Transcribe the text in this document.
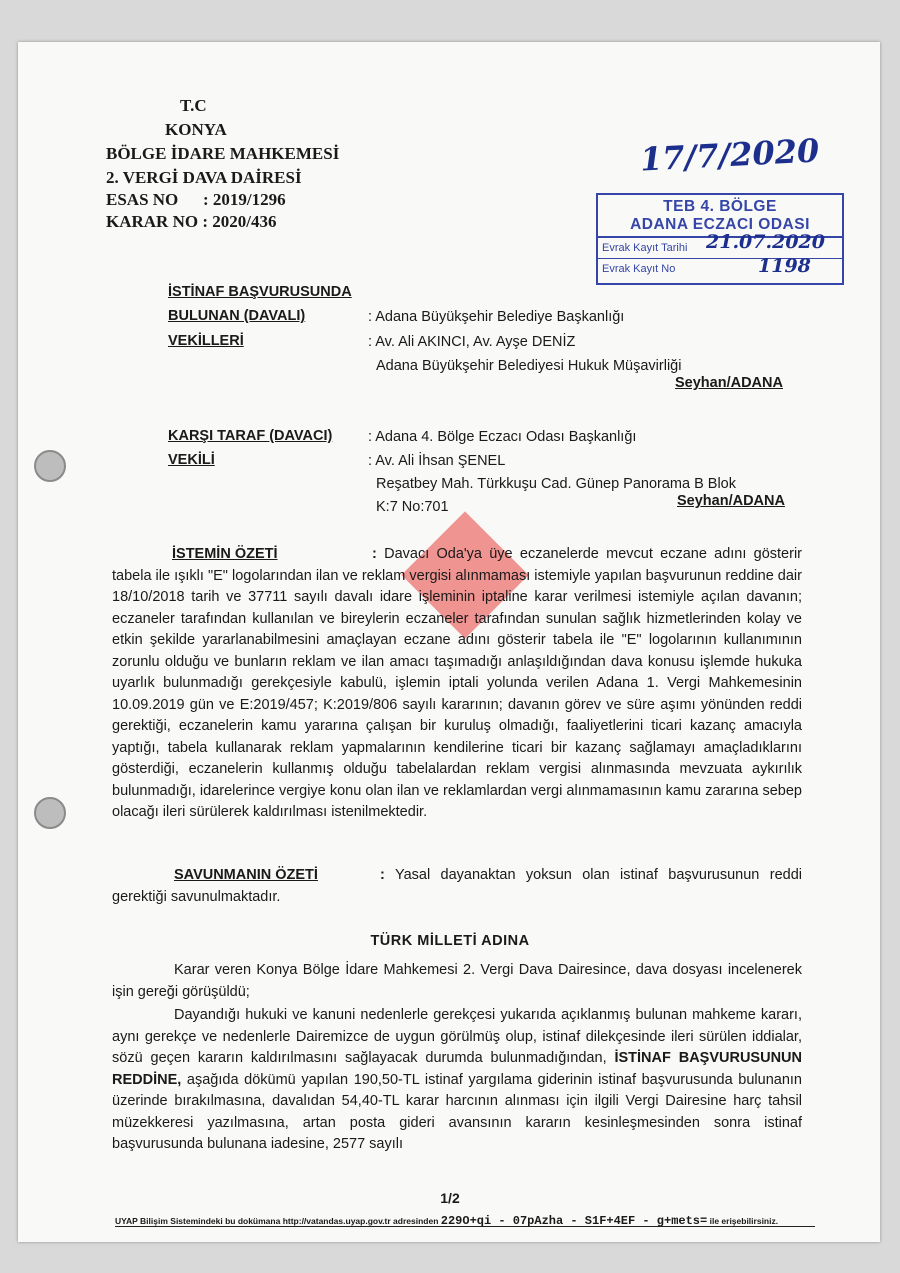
T.C
KONYA
BÖLGE İDARE MAHKEMESİ
2. VERGİ DAVA DAİRESİ
ESAS NO : 2019/1296
KARAR NO : 2020/436
17/7/2020
TEB 4. BÖLGE
ADANA ECZACI ODASI
Evrak Kayıt Tarihi 21.07.2020
Evrak Kayıt No	1198
İSTİNAF BAŞVURUSUNDA
BULUNAN (DAVALI)	: Adana Büyükşehir Belediye Başkanlığı
VEKİLLERİ	: Av. Ali AKINCI, Av. Ayşe DENİZ
Adana Büyükşehir Belediyesi Hukuk Müşavirliği
Seyhan/ADANA
KARŞI TARAF (DAVACI) : Adana 4. Bölge Eczacı Odası Başkanlığı
VEKİLİ	: Av. Ali İhsan ŞENEL
Reşatbey Mah. Türkkuşu Cad. Günep Panorama B Blok
K:7 No:701	Seyhan/ADANA
İSTEMİN ÖZETİ	: Davacı Oda'ya üye eczanelerde mevcut eczane adını gösterir tabela ile ışıklı "E" logolarından ilan ve reklam vergisi alınmaması istemiyle yapılan başvurunun reddine dair 18/10/2018 tarih ve 37711 sayılı davalı idare işleminin iptaline karar verilmesi istemiyle açılan davanın; eczaneler tarafından kullanılan ve bireylerin eczaneler tarafından sunulan sağlık hizmetlerinden kolay ve etkin şekilde yararlanabilmesini amaçlayan eczane adını gösterir tabela ile "E" logolarının kullanımının zorunlu olduğu ve bunların reklam ve ilan amacı taşımadığı anlaşıldığından dava konusu işlemde hukuka uyarlık bulunmadığı gerekçesiyle kabulü, işlemin iptali yolunda verilen Adana 1. Vergi Mahkemesinin 10.09.2019 gün ve E:2019/457; K:2019/806 sayılı kararının; davanın görev ve süre aşımı yönünden reddi gerektiği, eczanelerin kamu yararına çalışan bir kuruluş olmadığı, faaliyetlerini ticari kazanç amacıyla yaptığı, tabela kullanarak reklam yapmalarının kendilerine ticari bir kazanç sağlamayı amaçladıklarını gösterdiği, eczanelerin kullanmış olduğu tabelalardan reklam vergisi alınmasında mevzuata aykırılık bulunmadığı, idarelerince vergiye konu olan ilan ve reklamlardan vergi alınmamasının kamu zararına sebep olacağı ileri sürülerek kaldırılması istenilmektedir.
SAVUNMANIN ÖZETİ	: Yasal dayanaktan yoksun olan istinaf başvurusunun reddi gerektiği savunulmaktadır.
TÜRK MİLLETİ ADINA
Karar veren Konya Bölge İdare Mahkemesi 2. Vergi Dava Dairesince, dava dosyası incelenerek işin gereği görüşüldü;
Dayandığı hukuki ve kanuni nedenlerle gerekçesi yukarıda açıklanmış bulunan mahkeme kararı, aynı gerekçe ve nedenlerle Dairemizce de uygun görülmüş olup, istinaf dilekçesinde ileri sürülen iddialar, sözü geçen kararın kaldırılmasını sağlayacak durumda bulunmadığından, İSTİNAF BAŞVURUSUNUN REDDİNE, aşağıda dökümü yapılan 190,50-TL istinaf yargılama giderinin istinaf başvurusunda bulunanın üzerinde bırakılmasına, davalıdan 54,40-TL karar harcının alınması için ilgili Vergi Dairesine harç tahsil müzekkeresi yazılmasına, artan posta gideri avansının kararın kesinleşmesinden sonra istinaf başvurusunda bulunana iadesine, 2577 sayılı
1/2
UYAP Bilişim Sistemindeki bu dokümana http://vatandas.uyap.gov.tr adresinden 229O+qi - 07pAzha - S1F+4EF - g+mets= ile erişebilirsiniz.
